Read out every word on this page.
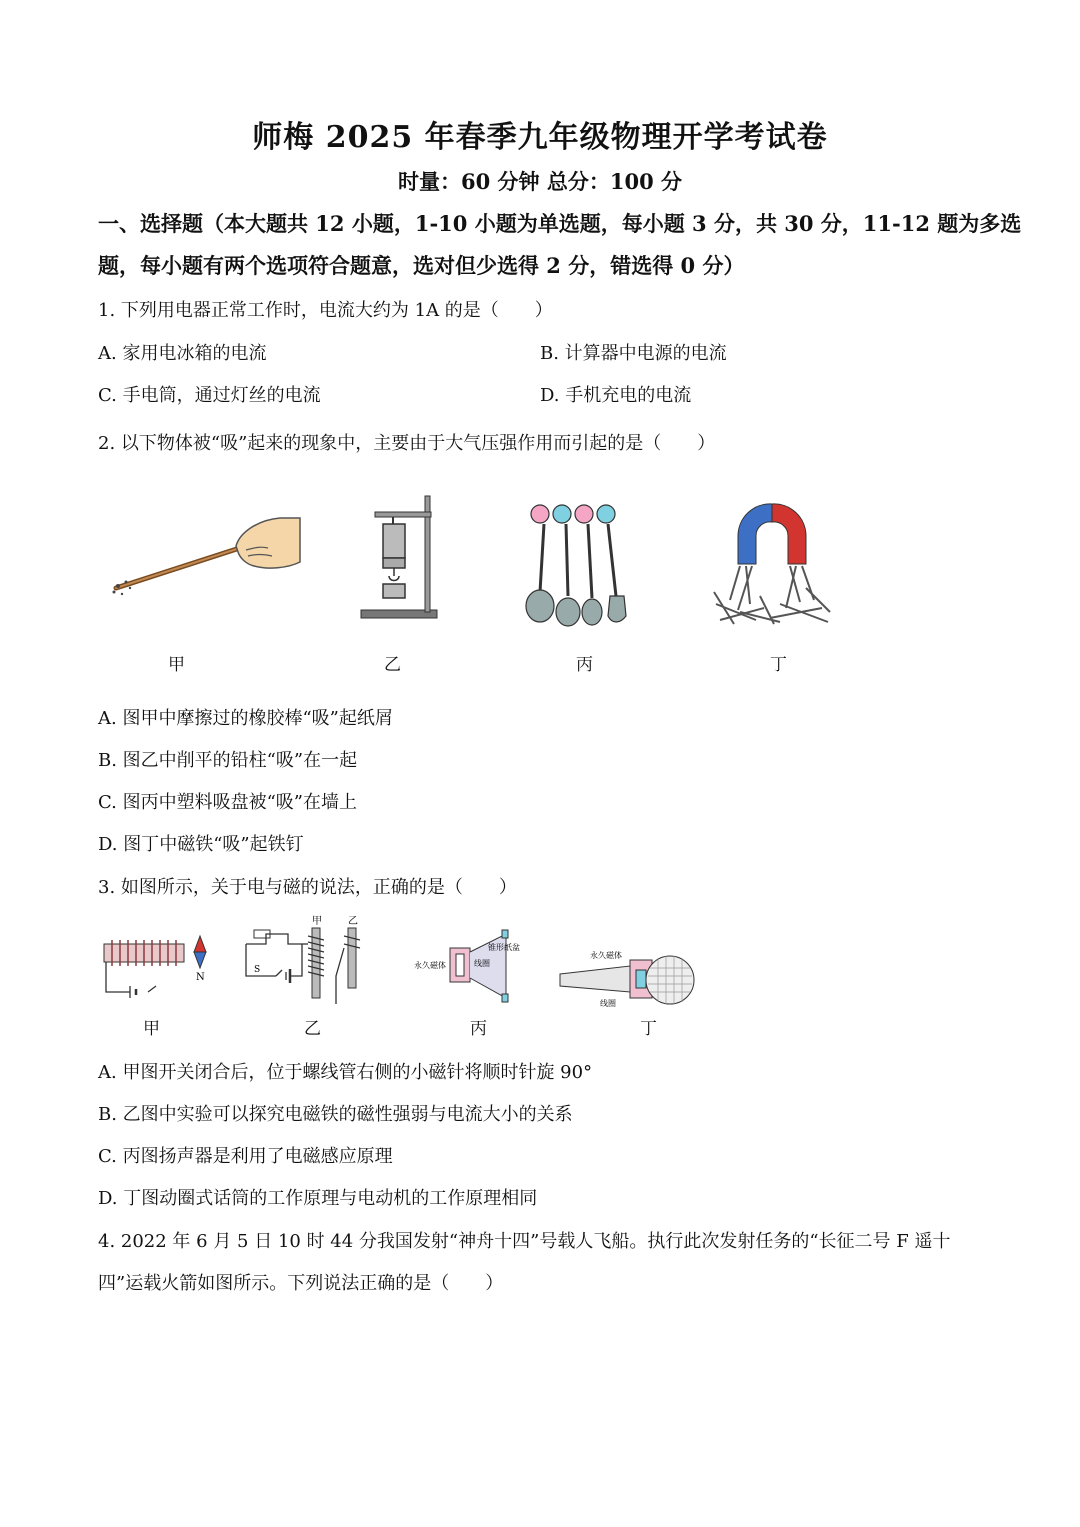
师梅 2025 年春季九年级物理开学考试卷
时量：60 分钟 总分：100 分
一、选择题（本大题共 12 小题，1-10 小题为单选题，每小题 3 分，共 30 分，11-12 题为多选
题，每小题有两个选项符合题意，选对但少选得 2 分，错选得 0 分）
1. 下列用电器正常工作时，电流大约为 1A 的是（　　）
A. 家用电冰箱的电流	B. 计算器中电源的电流
C. 手电筒，通过灯丝的电流	D. 手机充电的电流
2. 以下物体被“吸”起来的现象中，主要由于大气压强作用而引起的是（　　）
甲	乙	丙	丁
A. 图甲中摩擦过的橡胶棒“吸”起纸屑
B. 图乙中削平的铅柱“吸”在一起
C. 图丙中塑料吸盘被“吸”在墙上
D. 图丁中磁铁“吸”起铁钉
3. 如图所示，关于电与磁的说法，正确的是（　　）
N
S
甲	乙
永久磁体	线圈
锥形纸盆
永久磁体
线圈
甲	乙	丙	丁
A. 甲图开关闭合后，位于螺线管右侧的小磁针将顺时针旋 90°
B. 乙图中实验可以探究电磁铁的磁性强弱与电流大小的关系
C. 丙图扬声器是利用了电磁感应原理
D. 丁图动圈式话筒的工作原理与电动机的工作原理相同
4. 2022 年 6 月 5 日 10 时 44 分我国发射“神舟十四”号载人飞船。执行此次发射任务的“长征二号 F 遥十
四”运载火箭如图所示。下列说法正确的是（　　）
